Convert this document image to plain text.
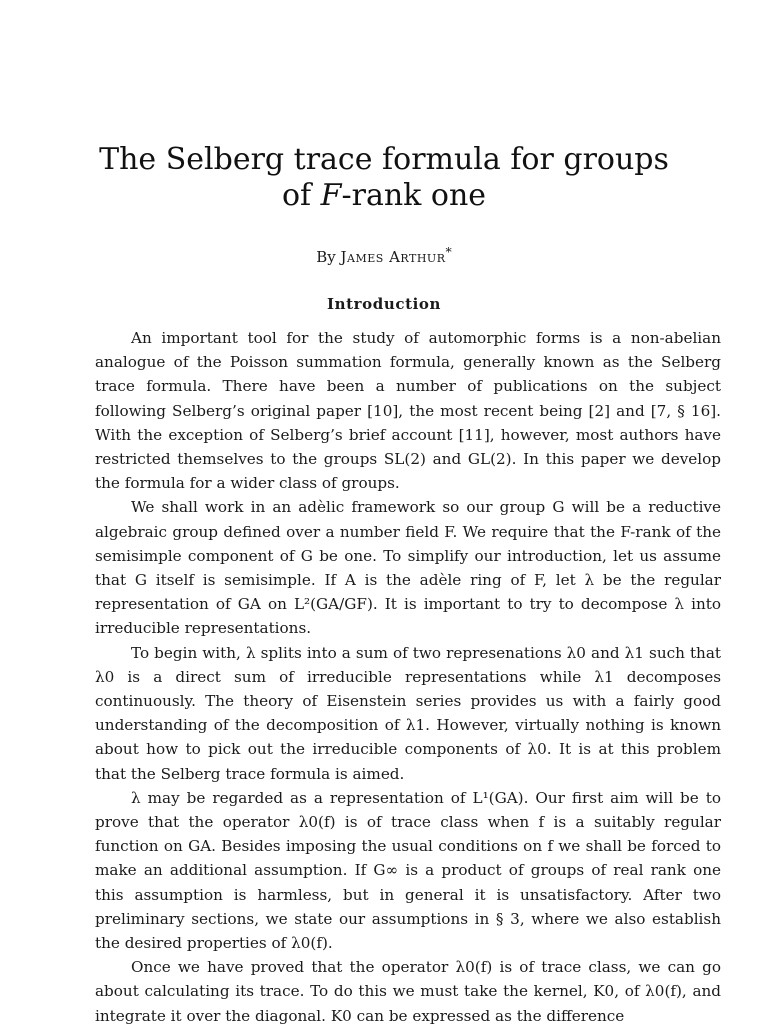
The Selberg trace formula for groups
of F-rank one
By James Arthur*
Introduction

An important tool for the study of automorphic forms is a non-abelian analogue of the Poisson summation formula, generally known as the Selberg trace formula. There have been a number of publications on the subject following Selberg’s original paper [10], the most recent being [2] and [7, § 16]. With the exception of Selberg’s brief account [11], however, most authors have restricted themselves to the groups SL(2) and GL(2). In this paper we develop the formula for a wider class of groups.

We shall work in an adèlic framework so our group G will be a reductive algebraic group defined over a number field F. We require that the F-rank of the semisimple component of G be one. To simplify our introduction, let us assume that G itself is semisimple. If A is the adèle ring of F, let λ be the regular representation of GA on L²(GA/GF). It is important to try to decompose λ into irreducible representations.

To begin with, λ splits into a sum of two represenations λ0 and λ1 such that λ0 is a direct sum of irreducible representations while λ1 decomposes continuously. The theory of Eisenstein series provides us with a fairly good understanding of the decomposition of λ1. However, virtually nothing is known about how to pick out the irreducible components of λ0. It is at this problem that the Selberg trace formula is aimed.

λ may be regarded as a representation of L¹(GA). Our first aim will be to prove that the operator λ0(f) is of trace class when f is a suitably regular function on GA. Besides imposing the usual conditions on f we shall be forced to make an additional assumption. If G∞ is a product of groups of real rank one this assumption is harmless, but in general it is unsatisfactory. After two preliminary sections, we state our assumptions in § 3, where we also establish the desired properties of λ0(f).

Once we have proved that the operator λ0(f) is of trace class, we can go about calculating its trace. To do this we must take the kernel, K0, of λ0(f), and integrate it over the diagonal. K0 can be expressed as the difference
